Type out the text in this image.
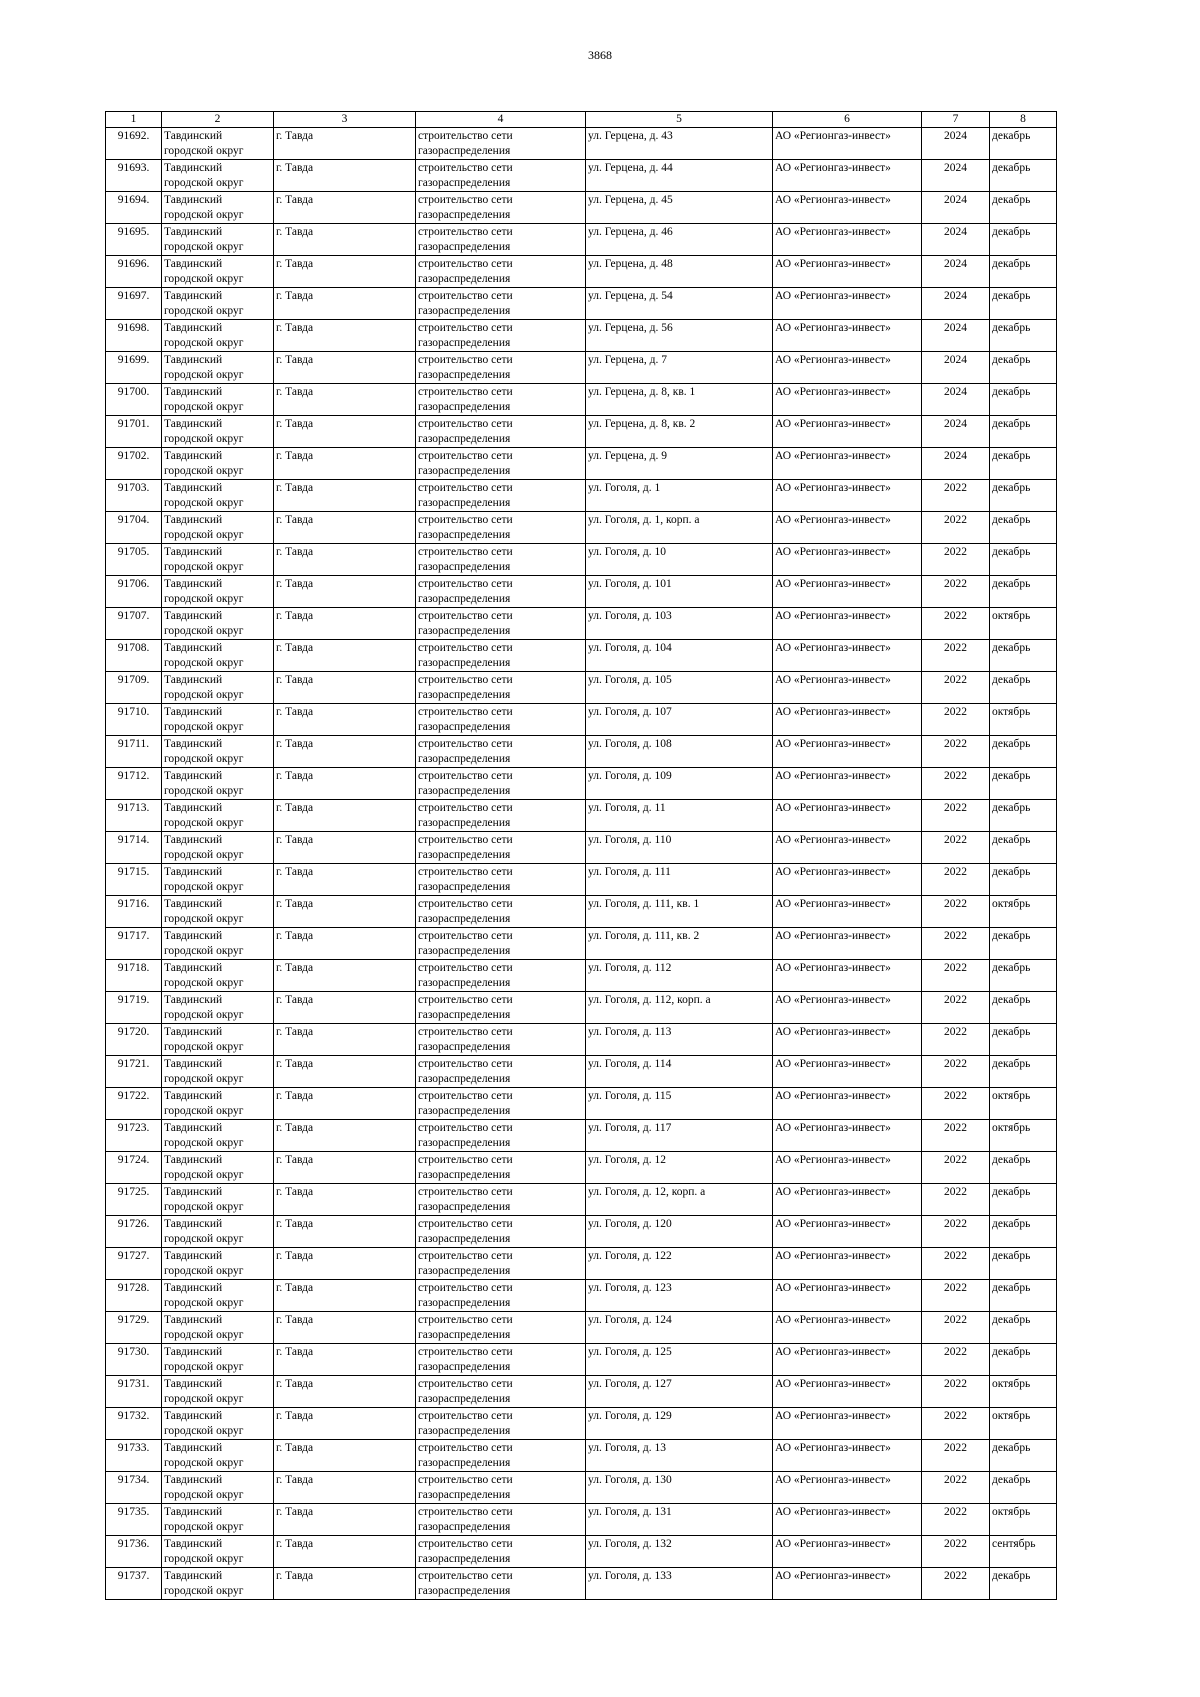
3868
1	2	3	4	5	6	7	8

91692.	Тавдинский
городской округ	г. Тавда	строительство сети
газораспределения	ул. Герцена, д. 43	АО «Регионгаз-инвест»	2024	декабрь

91693.	Тавдинский
городской округ	г. Тавда	строительство сети
газораспределения	ул. Герцена, д. 44	АО «Регионгаз-инвест»	2024	декабрь

91694.	Тавдинский
городской округ	г. Тавда	строительство сети
газораспределения	ул. Герцена, д. 45	АО «Регионгаз-инвест»	2024	декабрь

91695.	Тавдинский
городской округ	г. Тавда	строительство сети
газораспределения	ул. Герцена, д. 46	АО «Регионгаз-инвест»	2024	декабрь

91696.	Тавдинский
городской округ	г. Тавда	строительство сети
газораспределения	ул. Герцена, д. 48	АО «Регионгаз-инвест»	2024	декабрь

91697.	Тавдинский
городской округ	г. Тавда	строительство сети
газораспределения	ул. Герцена, д. 54	АО «Регионгаз-инвест»	2024	декабрь

91698.	Тавдинский
городской округ	г. Тавда	строительство сети
газораспределения	ул. Герцена, д. 56	АО «Регионгаз-инвест»	2024	декабрь

91699.	Тавдинский
городской округ	г. Тавда	строительство сети
газораспределения	ул. Герцена, д. 7	АО «Регионгаз-инвест»	2024	декабрь

91700.	Тавдинский
городской округ	г. Тавда	строительство сети
газораспределения	ул. Герцена, д. 8, кв. 1	АО «Регионгаз-инвест»	2024	декабрь

91701.	Тавдинский
городской округ	г. Тавда	строительство сети
газораспределения	ул. Герцена, д. 8, кв. 2	АО «Регионгаз-инвест»	2024	декабрь

91702.	Тавдинский
городской округ	г. Тавда	строительство сети
газораспределения	ул. Герцена, д. 9	АО «Регионгаз-инвест»	2024	декабрь

91703.	Тавдинский
городской округ	г. Тавда	строительство сети
газораспределения	ул. Гоголя, д. 1	АО «Регионгаз-инвест»	2022	декабрь

91704.	Тавдинский
городской округ	г. Тавда	строительство сети
газораспределения	ул. Гоголя, д. 1, корп. а	АО «Регионгаз-инвест»	2022	декабрь

91705.	Тавдинский
городской округ	г. Тавда	строительство сети
газораспределения	ул. Гоголя, д. 10	АО «Регионгаз-инвест»	2022	декабрь

91706.	Тавдинский
городской округ	г. Тавда	строительство сети
газораспределения	ул. Гоголя, д. 101	АО «Регионгаз-инвест»	2022	декабрь

91707.	Тавдинский
городской округ	г. Тавда	строительство сети
газораспределения	ул. Гоголя, д. 103	АО «Регионгаз-инвест»	2022	октябрь

91708.	Тавдинский
городской округ	г. Тавда	строительство сети
газораспределения	ул. Гоголя, д. 104	АО «Регионгаз-инвест»	2022	декабрь

91709.	Тавдинский
городской округ	г. Тавда	строительство сети
газораспределения	ул. Гоголя, д. 105	АО «Регионгаз-инвест»	2022	декабрь

91710.	Тавдинский
городской округ	г. Тавда	строительство сети
газораспределения	ул. Гоголя, д. 107	АО «Регионгаз-инвест»	2022	октябрь

91711.	Тавдинский
городской округ	г. Тавда	строительство сети
газораспределения	ул. Гоголя, д. 108	АО «Регионгаз-инвест»	2022	декабрь

91712.	Тавдинский
городской округ	г. Тавда	строительство сети
газораспределения	ул. Гоголя, д. 109	АО «Регионгаз-инвест»	2022	декабрь

91713.	Тавдинский
городской округ	г. Тавда	строительство сети
газораспределения	ул. Гоголя, д. 11	АО «Регионгаз-инвест»	2022	декабрь

91714.	Тавдинский
городской округ	г. Тавда	строительство сети
газораспределения	ул. Гоголя, д. 110	АО «Регионгаз-инвест»	2022	декабрь

91715.	Тавдинский
городской округ	г. Тавда	строительство сети
газораспределения	ул. Гоголя, д. 111	АО «Регионгаз-инвест»	2022	декабрь

91716.	Тавдинский
городской округ	г. Тавда	строительство сети
газораспределения	ул. Гоголя, д. 111, кв. 1	АО «Регионгаз-инвест»	2022	октябрь

91717.	Тавдинский
городской округ	г. Тавда	строительство сети
газораспределения	ул. Гоголя, д. 111, кв. 2	АО «Регионгаз-инвест»	2022	декабрь

91718.	Тавдинский
городской округ	г. Тавда	строительство сети
газораспределения	ул. Гоголя, д. 112	АО «Регионгаз-инвест»	2022	декабрь

91719.	Тавдинский
городской округ	г. Тавда	строительство сети
газораспределения	ул. Гоголя, д. 112, корп. а	АО «Регионгаз-инвест»	2022	декабрь

91720.	Тавдинский
городской округ	г. Тавда	строительство сети
газораспределения	ул. Гоголя, д. 113	АО «Регионгаз-инвест»	2022	декабрь

91721.	Тавдинский
городской округ	г. Тавда	строительство сети
газораспределения	ул. Гоголя, д. 114	АО «Регионгаз-инвест»	2022	декабрь

91722.	Тавдинский
городской округ	г. Тавда	строительство сети
газораспределения	ул. Гоголя, д. 115	АО «Регионгаз-инвест»	2022	октябрь

91723.	Тавдинский
городской округ	г. Тавда	строительство сети
газораспределения	ул. Гоголя, д. 117	АО «Регионгаз-инвест»	2022	октябрь

91724.	Тавдинский
городской округ	г. Тавда	строительство сети
газораспределения	ул. Гоголя, д. 12	АО «Регионгаз-инвест»	2022	декабрь

91725.	Тавдинский
городской округ	г. Тавда	строительство сети
газораспределения	ул. Гоголя, д. 12, корп. а	АО «Регионгаз-инвест»	2022	декабрь

91726.	Тавдинский
городской округ	г. Тавда	строительство сети
газораспределения	ул. Гоголя, д. 120	АО «Регионгаз-инвест»	2022	декабрь

91727.	Тавдинский
городской округ	г. Тавда	строительство сети
газораспределения	ул. Гоголя, д. 122	АО «Регионгаз-инвест»	2022	декабрь

91728.	Тавдинский
городской округ	г. Тавда	строительство сети
газораспределения	ул. Гоголя, д. 123	АО «Регионгаз-инвест»	2022	декабрь

91729.	Тавдинский
городской округ	г. Тавда	строительство сети
газораспределения	ул. Гоголя, д. 124	АО «Регионгаз-инвест»	2022	декабрь

91730.	Тавдинский
городской округ	г. Тавда	строительство сети
газораспределения	ул. Гоголя, д. 125	АО «Регионгаз-инвест»	2022	декабрь

91731.	Тавдинский
городской округ	г. Тавда	строительство сети
газораспределения	ул. Гоголя, д. 127	АО «Регионгаз-инвест»	2022	октябрь

91732.	Тавдинский
городской округ	г. Тавда	строительство сети
газораспределения	ул. Гоголя, д. 129	АО «Регионгаз-инвест»	2022	октябрь

91733.	Тавдинский
городской округ	г. Тавда	строительство сети
газораспределения	ул. Гоголя, д. 13	АО «Регионгаз-инвест»	2022	декабрь

91734.	Тавдинский
городской округ	г. Тавда	строительство сети
газораспределения	ул. Гоголя, д. 130	АО «Регионгаз-инвест»	2022	декабрь

91735.	Тавдинский
городской округ	г. Тавда	строительство сети
газораспределения	ул. Гоголя, д. 131	АО «Регионгаз-инвест»	2022	октябрь

91736.	Тавдинский
городской округ	г. Тавда	строительство сети
газораспределения	ул. Гоголя, д. 132	АО «Регионгаз-инвест»	2022	сентябрь

91737.	Тавдинский
городской округ	г. Тавда	строительство сети
газораспределения	ул. Гоголя, д. 133	АО «Регионгаз-инвест»	2022	декабрь
